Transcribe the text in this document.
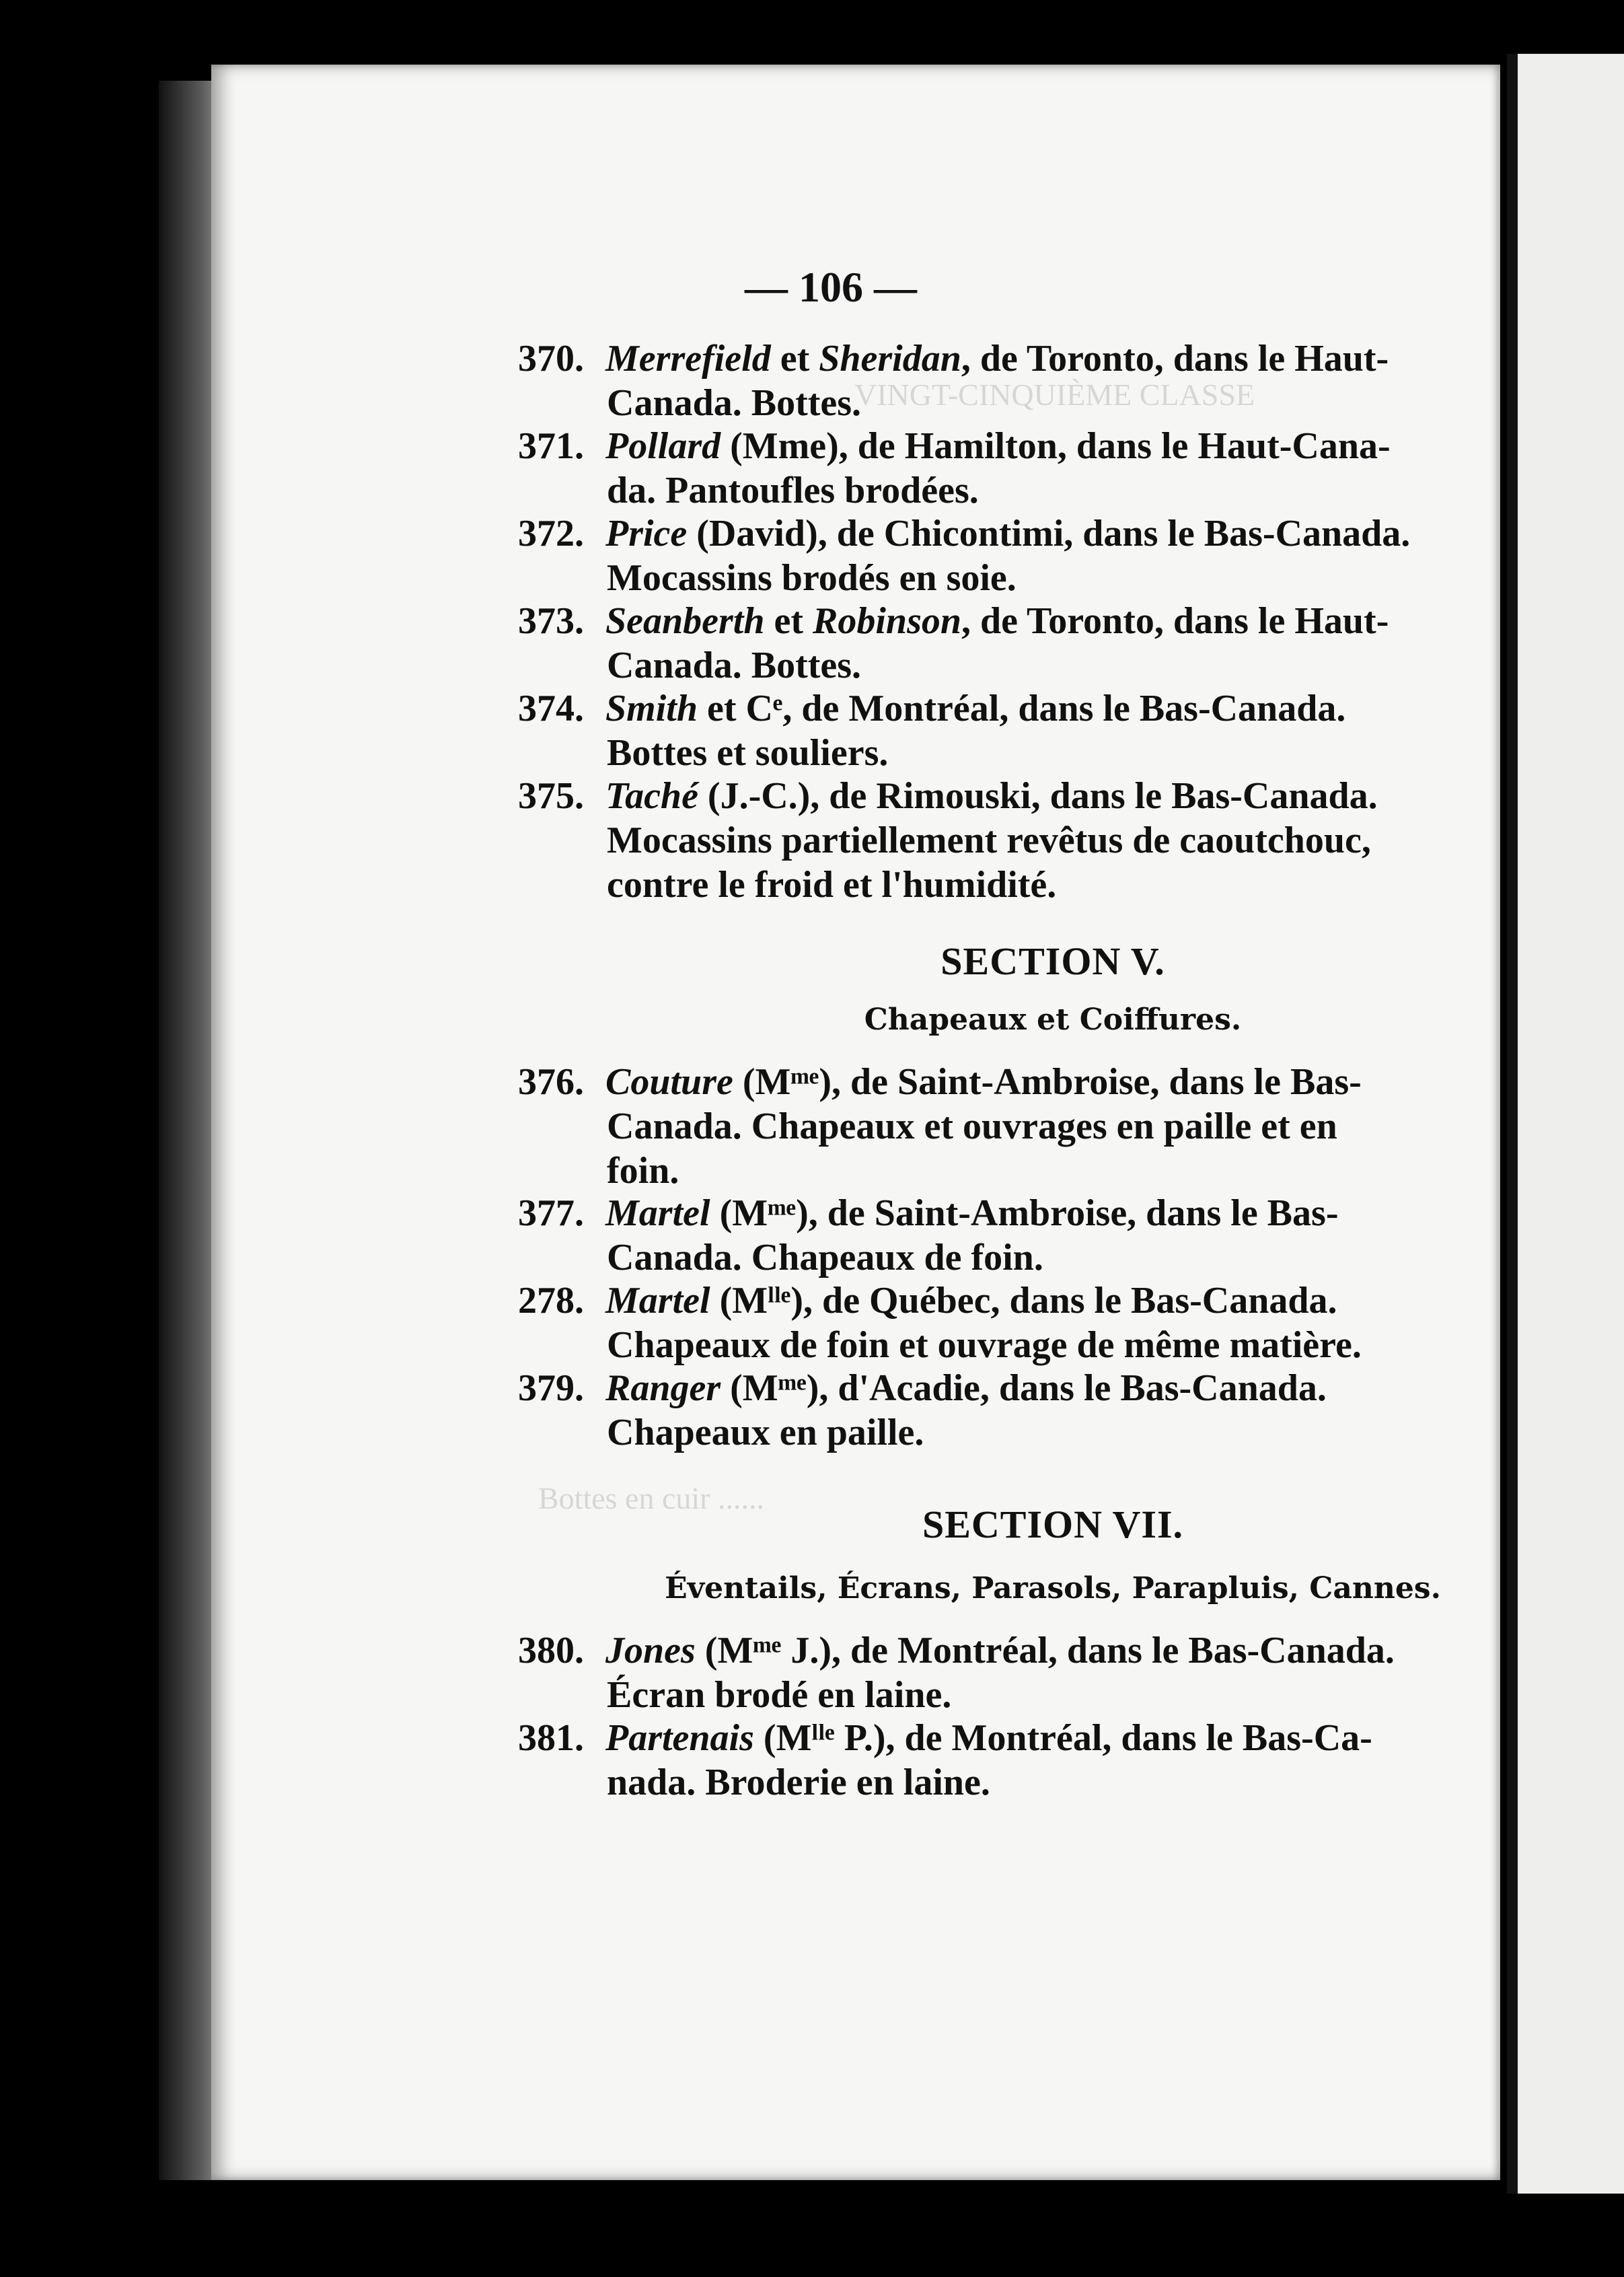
VINGT-CINQUIÈME CLASSE
Bottes en cuir ......
— 106 —
370. Merrefield et Sheridan, de Toronto, dans le Haut-
Canada. Bottes.
371. Pollard (Mme), de Hamilton, dans le Haut-Cana-
da. Pantoufles brodées.
372. Price (David), de Chicontimi, dans le Bas-Canada.
Mocassins brodés en soie.
373. Seanberth et Robinson, de Toronto, dans le Haut-
Canada. Bottes.
374. Smith et Cᵉ, de Montréal, dans le Bas-Canada.
Bottes et souliers.
375. Taché (J.-C.), de Rimouski, dans le Bas-Canada.
Mocassins partiellement revêtus de caoutchouc,
contre le froid et l'humidité.
SECTION V.
Chapeaux et Coiffures.
376. Couture (Mᵐᵉ), de Saint-Ambroise, dans le Bas-
Canada. Chapeaux et ouvrages en paille et en
foin.
377. Martel (Mᵐᵉ), de Saint-Ambroise, dans le Bas-
Canada. Chapeaux de foin.
278. Martel (Mˡˡᵉ), de Québec, dans le Bas-Canada.
Chapeaux de foin et ouvrage de même matière.
379. Ranger (Mᵐᵉ), d'Acadie, dans le Bas-Canada.
Chapeaux en paille.
SECTION VII.
Éventails, Écrans, Parasols, Parapluis, Cannes.
380. Jones (Mᵐᵉ J.), de Montréal, dans le Bas-Canada.
Écran brodé en laine.
381. Partenais (Mˡˡᵉ P.), de Montréal, dans le Bas-Ca-
nada. Broderie en laine.
